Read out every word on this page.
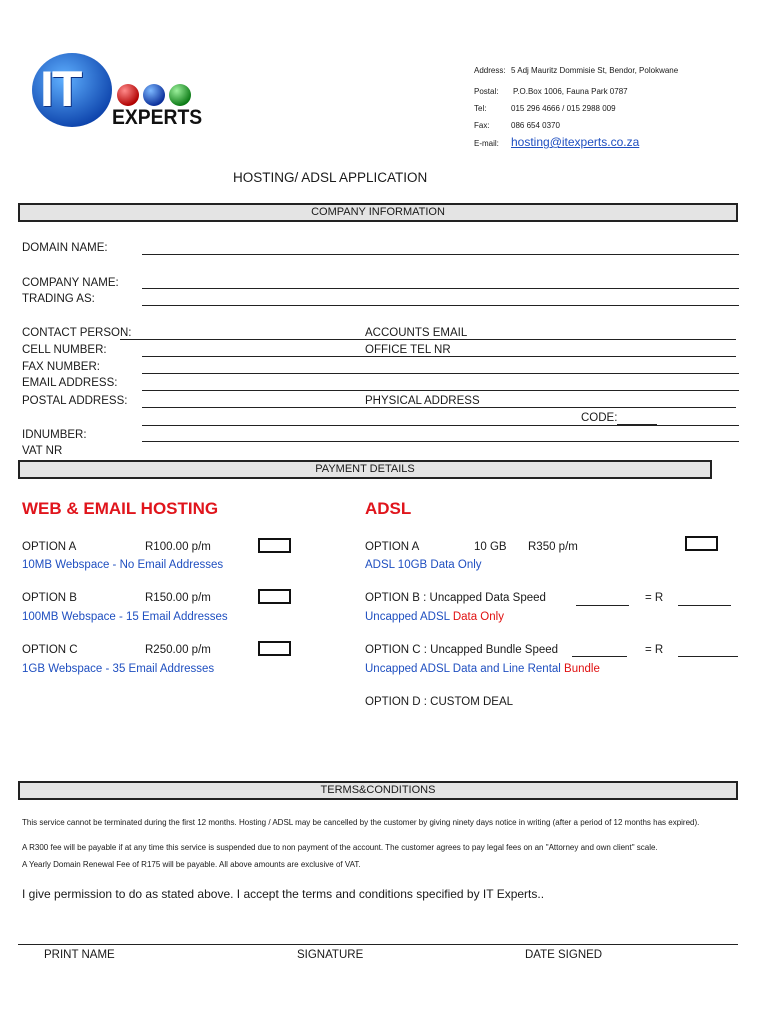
IT
EXPERTS
Address: 5 Adj Mauritz Dommisie St, Bendor, Polokwane
Postal: P.O.Box 1006, Fauna Park 0787
Tel:	015 296 4666 / 015 2988 009
Fax:	086 654 0370
E-mail: hosting@itexperts.co.za
HOSTING/ ADSL APPLICATION
COMPANY INFORMATION
DOMAIN NAME:
COMPANY NAME:
TRADING AS:
CONTACT PERSON:	ACCOUNTS EMAIL
CELL NUMBER:	OFFICE TEL NR
FAX NUMBER:
EMAIL ADDRESS:
POSTAL ADDRESS:	PHYSICAL ADDRESS
CODE:
IDNUMBER:
VAT NR
PAYMENT DETAILS
WEB & EMAIL HOSTING
OPTION A	R100.00 p/m
10MB Webspace - No Email Addresses
OPTION B	R150.00 p/m
100MB Webspace - 15 Email Addresses
OPTION C	R250.00 p/m
1GB Webspace - 35 Email Addresses
ADSL
OPTION A	10 GB R350 p/m
ADSL 10GB Data Only
OPTION B : Uncapped Data Speed	= R
Uncapped ADSL Data Only
OPTION C : Uncapped Bundle Speed	= R
Uncapped ADSL Data and Line Rental Bundle
OPTION D : CUSTOM DEAL
TERMS&CONDITIONS
This service cannot be terminated during the first 12 months. Hosting / ADSL may be cancelled by the customer by giving ninety days notice in writing (after a period of 12 months has expired).
A R300 fee will be payable if at any time this service is suspended due to non payment of the account. The customer agrees to pay legal fees on an "Attorney and own client" scale.
A Yearly Domain Renewal Fee of R175 will be payable. All above amounts are exclusive of VAT.
I give permission to do as stated above. I accept the terms and conditions specified by IT Experts..
PRINT NAME	SIGNATURE	DATE SIGNED
